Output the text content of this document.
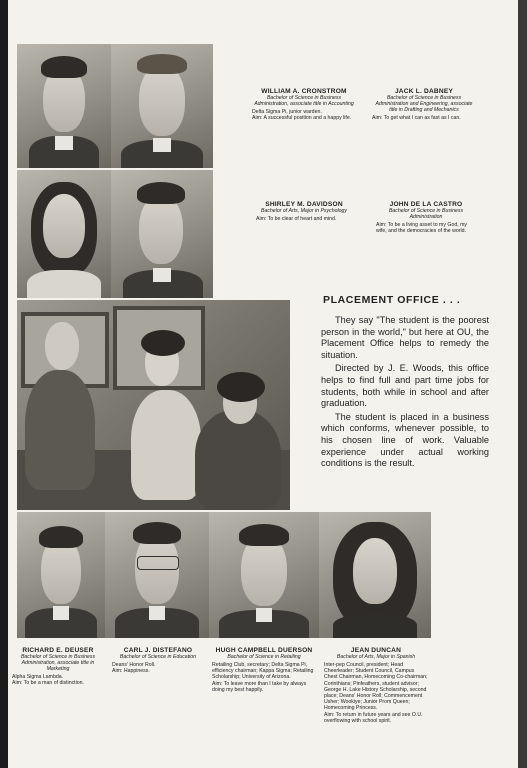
WILLIAM A. CRONSTROM
Bachelor of Science in Business Administration, associate title in Accounting
Delta Sigma Pi, junior warden.
Aim: A successful position and a happy life.
JACK L. DABNEY
Bachelor of Science in Business Administration and Engineering, associate title in Drafting and Mechanics
Aim: To get what I can as fast as I can.
SHIRLEY M. DAVIDSON
Bachelor of Arts, Major in Psychology
Aim: To be clear of heart and mind.
JOHN DE LA CASTRO
Bachelor of Science in Business Administration
Aim: To be a living asset to my God, my wife, and the democracies of the world.
PLACEMENT OFFICE . . .

They say "The student is the poorest person in the world," but here at OU, the Placement Office helps to remedy the situation.

Directed by J. E. Woods, this office helps to find full and part time jobs for students, both while in school and after graduation.

The student is placed in a business which conforms, whenever possible, to his chosen line of work. Valuable experience under actual working conditions is the result.

RICHARD E. DEUSER
Bachelor of Science in Business Administration, associate title in Marketing
Alpha Sigma Lambda.
Aim: To be a man of distinction.
CARL J. DISTEFANO
Bachelor of Science in Education
Deans' Honor Roll.
Aim: Happiness.
HUGH CAMPBELL DUERSON
Bachelor of Science in Retailing
Retailing Club, secretary; Delta Sigma Pi, efficiency chairman; Kappa Sigma; Retailing Scholarship; University of Arizona.
Aim: To leave more than I take by always doing my best happily.
JEAN DUNCAN
Bachelor of Arts, Major in Spanish
Inter-pep Council, president; Head Cheerleader; Student Council, Campus Chest Chairman, Homecoming Co-chairman; Corinthians; Pinfeathers, student advisor; George H. Lake History Scholarship, second place; Deans' Honor Roll; Commencement Usher; Wookiye; Junior Prom Queen; Homecoming Princess.
Aim: To return in future years and see O.U. overflowing with school spirit.
